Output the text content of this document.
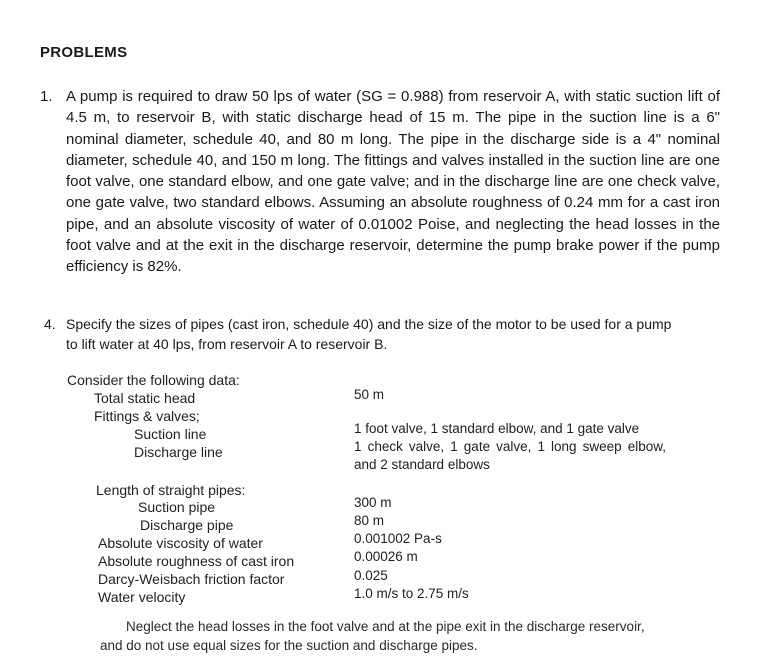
PROBLEMS
1. A pump is required to draw 50 lps of water (SG = 0.988) from reservoir A, with static suction lift of 4.5 m, to reservoir B, with static discharge head of 15 m. The pipe in the suction line is a 6" nominal diameter, schedule 40, and 80 m long. The pipe in the discharge side is a 4" nominal diameter, schedule 40, and 150 m long. The fittings and valves installed in the suction line are one foot valve, one standard elbow, and one gate valve; and in the discharge line are one check valve, one gate valve, two standard elbows. Assuming an absolute roughness of 0.24 mm for a cast iron pipe, and an absolute viscosity of water of 0.01002 Poise, and neglecting the head losses in the foot valve and at the exit in the discharge reservoir, determine the pump brake power if the pump efficiency is 82%.
4. Specify the sizes of pipes (cast iron, schedule 40) and the size of the motor to be used for a pump to lift water at 40 lps, from reservoir A to reservoir B.
Consider the following data:
Total static head	50 m
Fittings & valves;
Suction line	1 foot valve, 1 standard elbow, and 1 gate valve
Discharge line	1 check valve, 1 gate valve, 1 long sweep elbow, and 2 standard elbows
Length of straight pipes:
Suction pipe	300 m
Discharge pipe	80 m
Absolute viscosity of water	0.001002 Pa-s
Absolute roughness of cast iron	0.00026 m
Darcy-Weisbach friction factor	0.025
Water velocity	1.0 m/s to 2.75 m/s
Neglect the head losses in the foot valve and at the pipe exit in the discharge reservoir, and do not use equal sizes for the suction and discharge pipes.
